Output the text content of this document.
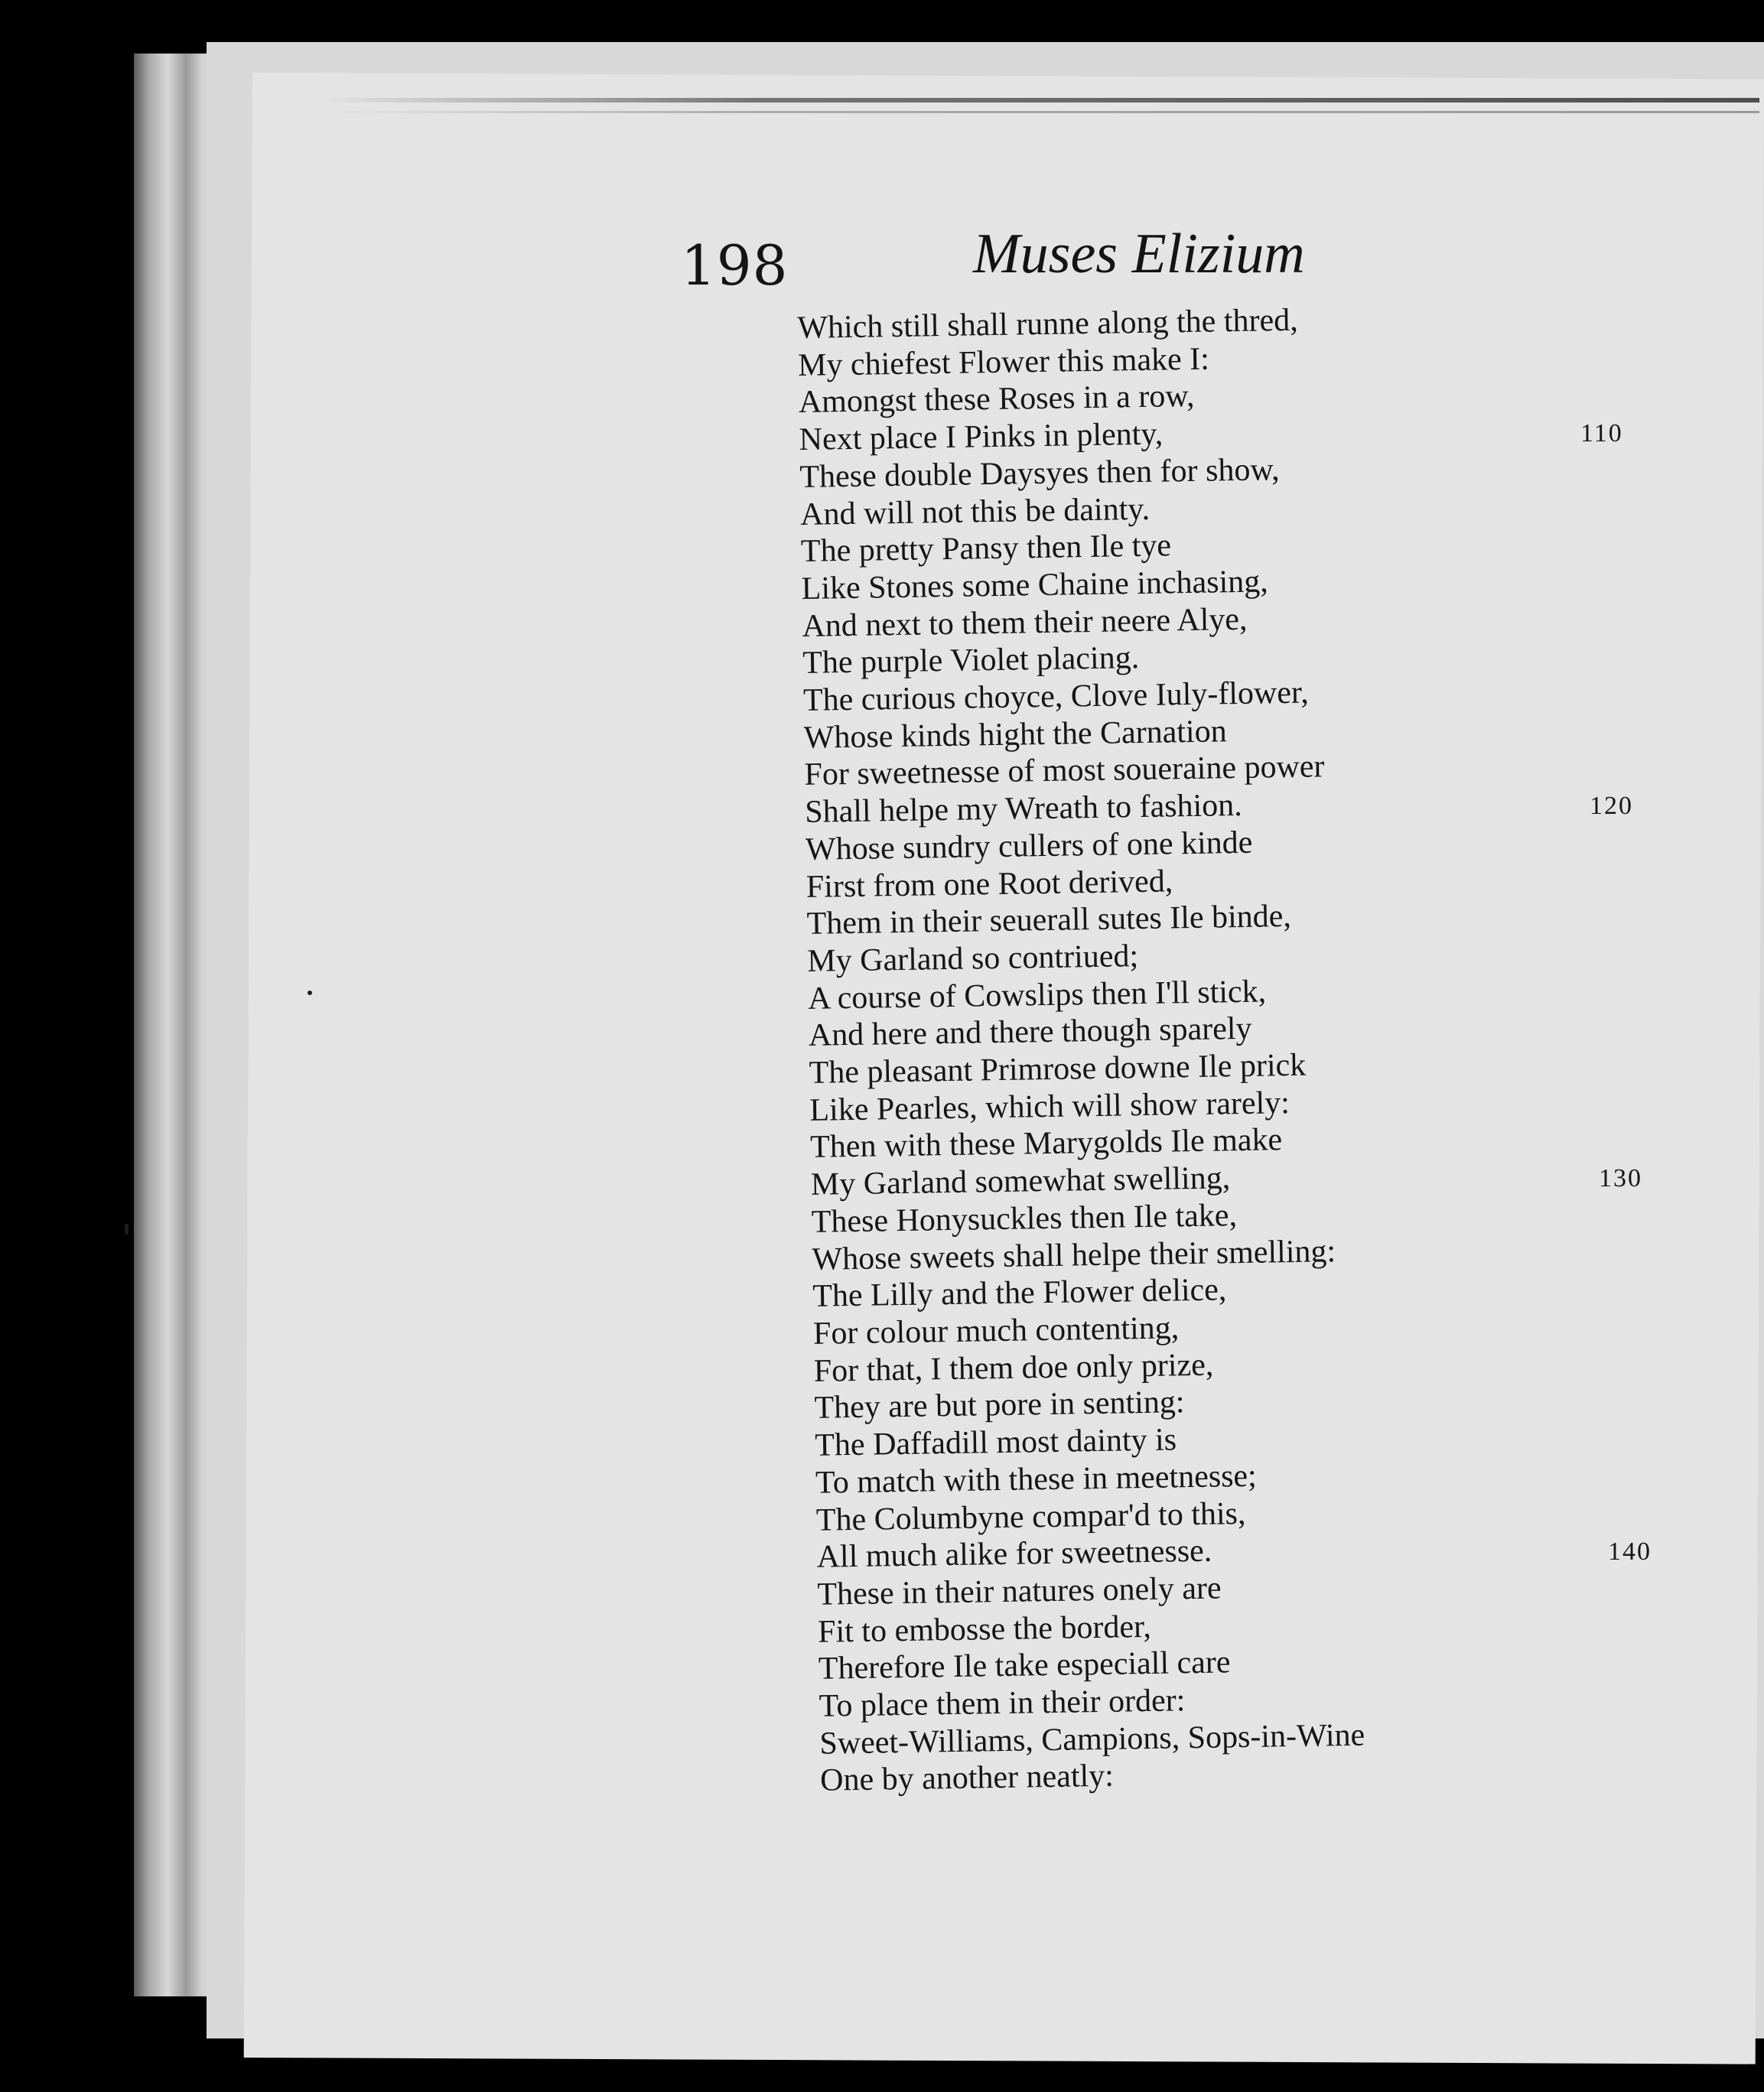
198	Muses Elizium
Which still shall runne along the thred,
My chiefest Flower this make I:
Amongst these Roses in a row,
Next place I Pinks in plenty,
These double Daysyes then for show,
And will not this be dainty.
The pretty Pansy then Ile tye
Like Stones some Chaine inchasing,
And next to them their neere Alye,
The purple Violet placing.
The curious choyce, Clove Iuly-flower,
Whose kinds hight the Carnation
For sweetnesse of most soueraine power
Shall helpe my Wreath to fashion.
Whose sundry cullers of one kinde
First from one Root derived,
Them in their seuerall sutes Ile binde,
My Garland so contriued;
A course of Cowslips then I'll stick,
And here and there though sparely
The pleasant Primrose downe Ile prick
Like Pearles, which will show rarely:
Then with these Marygolds Ile make
My Garland somewhat swelling,
These Honysuckles then Ile take,
Whose sweets shall helpe their smelling:
The Lilly and the Flower delice,
For colour much contenting,
For that, I them doe only prize,
They are but pore in senting:
The Daffadill most dainty is
To match with these in meetnesse;
The Columbyne compar'd to this,
All much alike for sweetnesse.
These in their natures onely are
Fit to embosse the border,
Therefore Ile take especiall care
To place them in their order:
Sweet-Williams, Campions, Sops-in-Wine
One by another neatly:
110
120
130
140
